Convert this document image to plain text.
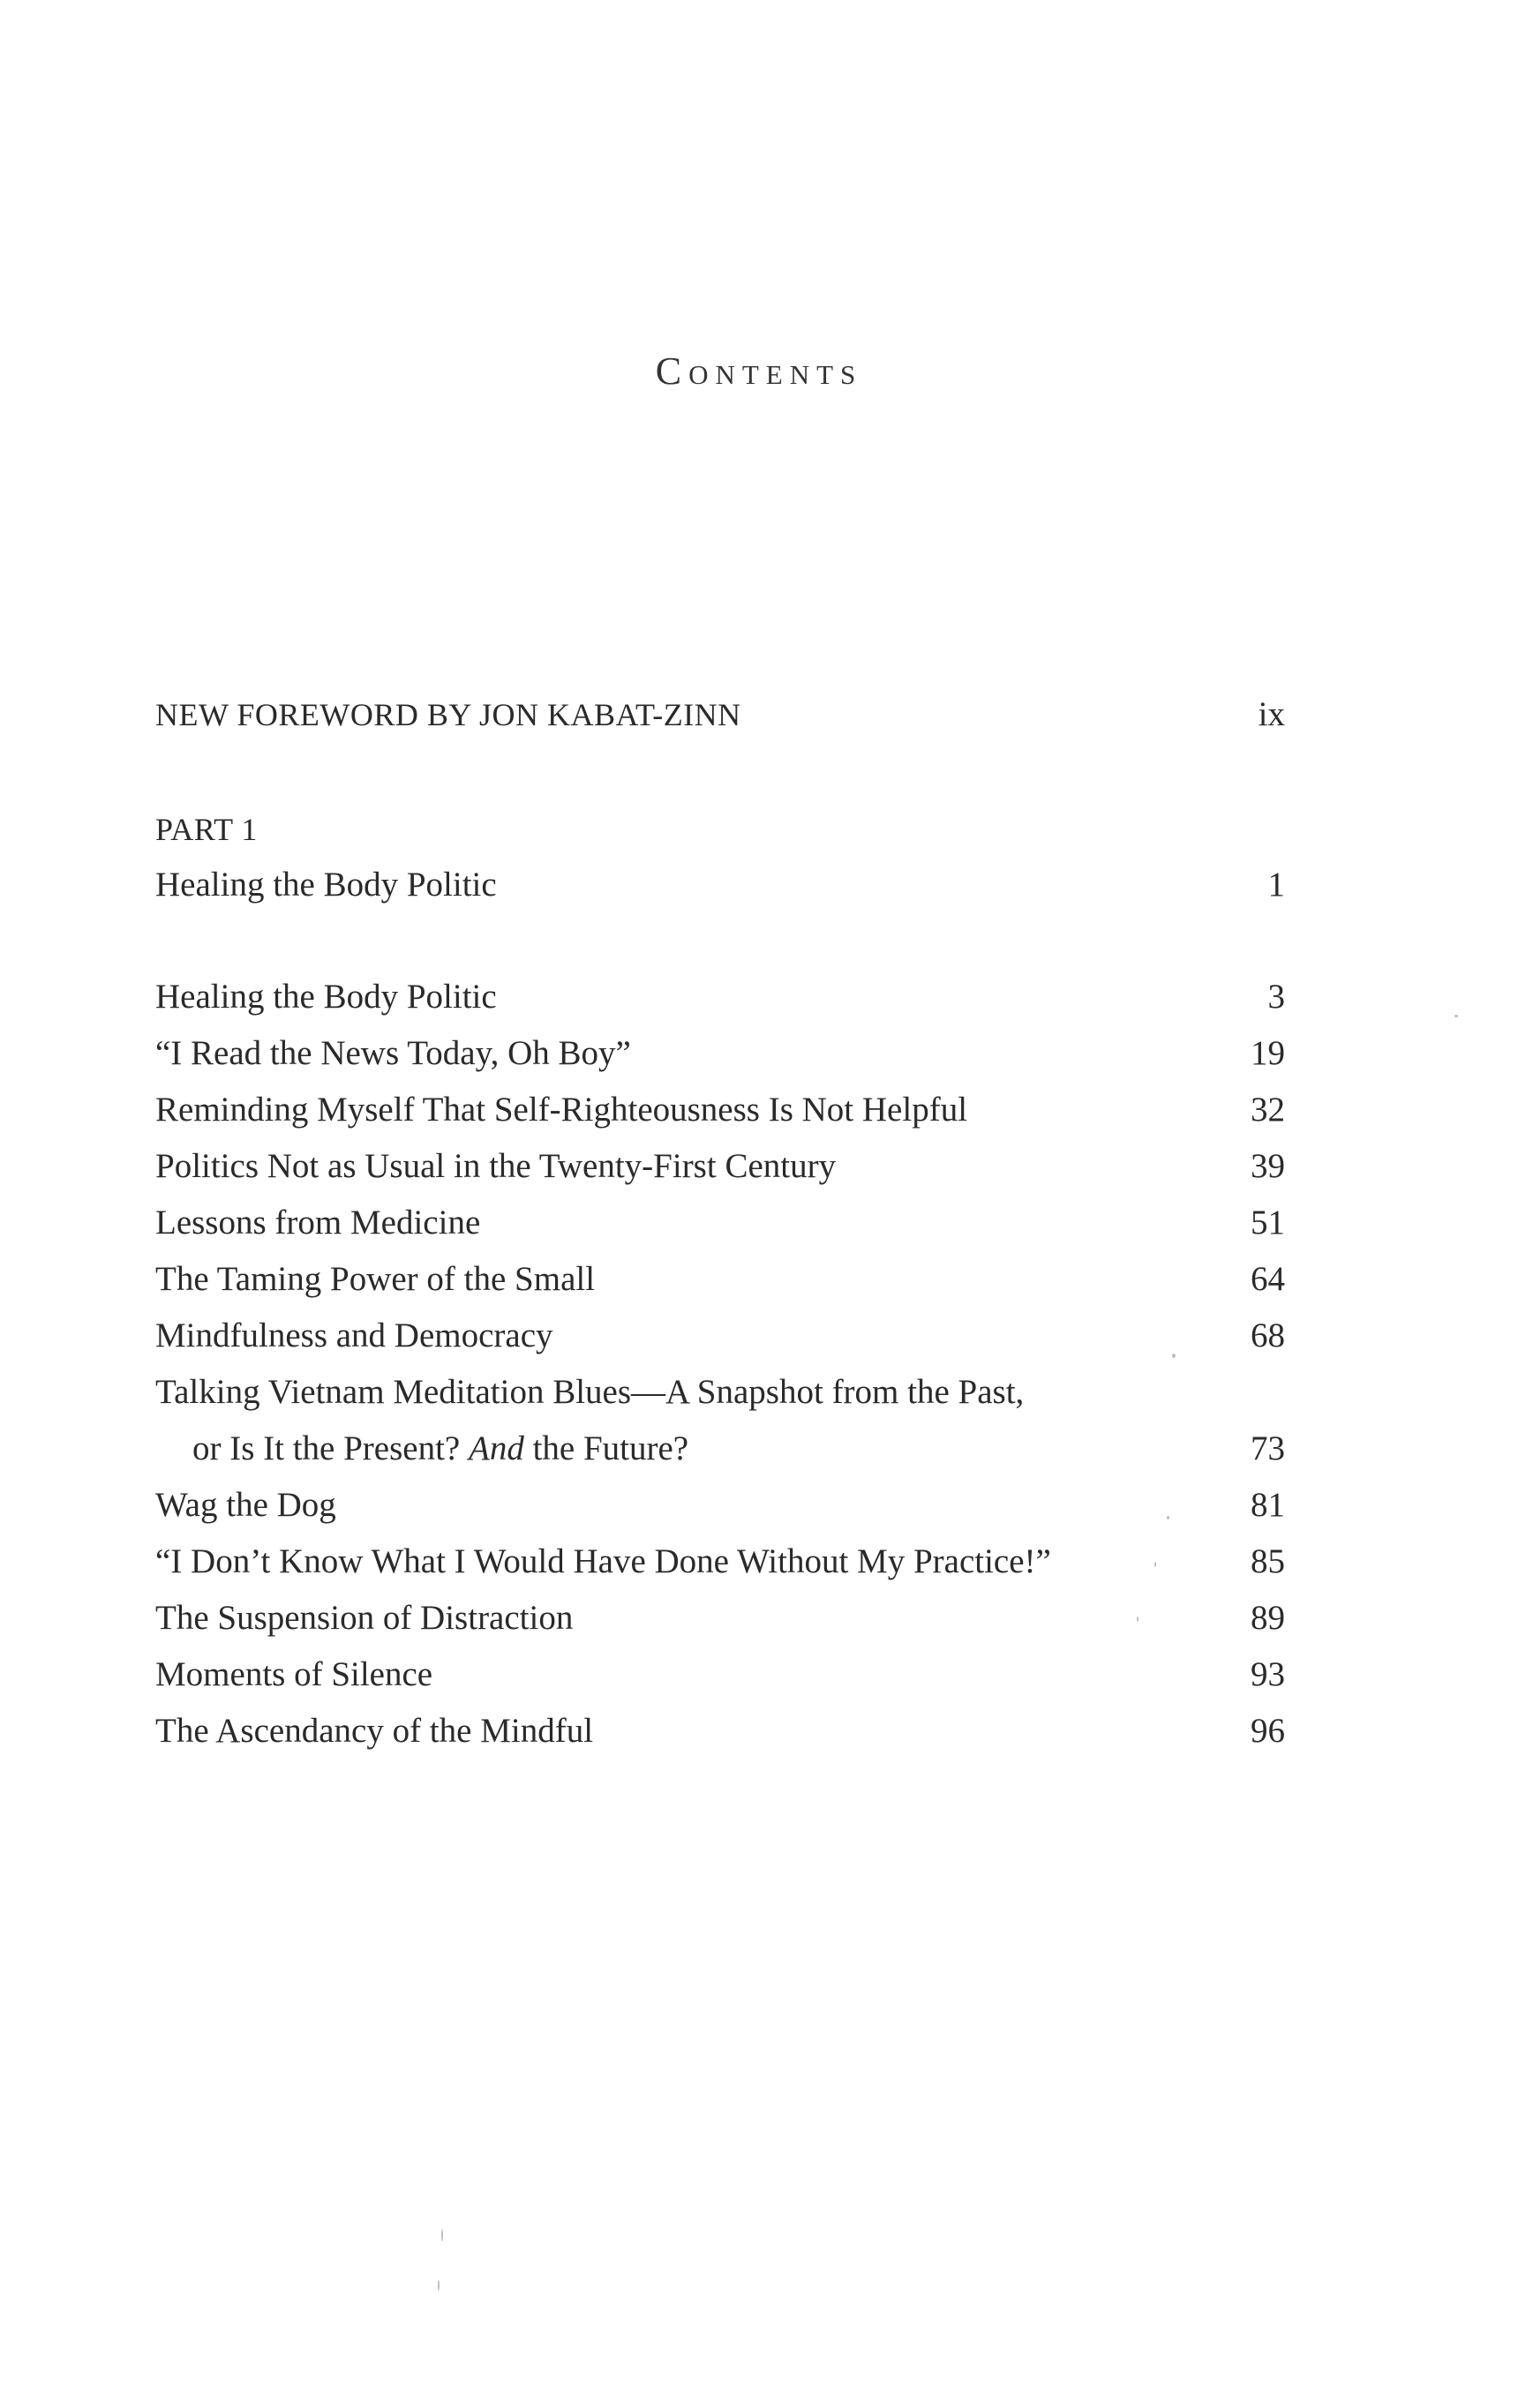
Contents
NEW FOREWORD BY JON KABAT-ZINN	ix
PART 1
Healing the Body Politic	1
Healing the Body Politic	3
“I Read the News Today, Oh Boy”	19
Reminding Myself That Self-Righteousness Is Not Helpful	32
Politics Not as Usual in the Twenty-First Century	39
Lessons from Medicine	51
The Taming Power of the Small	64
Mindfulness and Democracy	68
Talking Vietnam Meditation Blues—A Snapshot from the Past,
or Is It the Present? And the Future?	73
Wag the Dog	81
“I Don’t Know What I Would Have Done Without My Practice!”	85
The Suspension of Distraction	89
Moments of Silence	93
The Ascendancy of the Mindful	96
